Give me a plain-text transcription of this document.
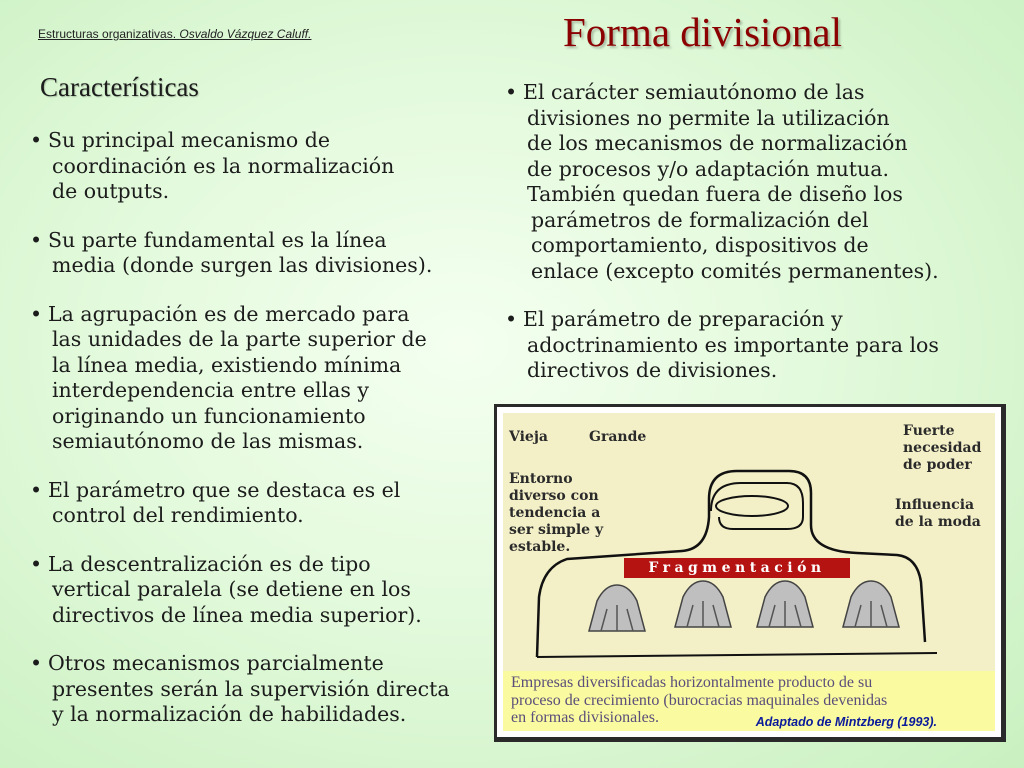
Estructuras organizativas. Osvaldo Vázquez Caluff.	Forma divisional
Características
• Su principal mecanismo de
coordinación es la normalización
de outputs.
• Su parte fundamental es la línea
media (donde surgen las divisiones).
• La agrupación es de mercado para
las unidades de la parte superior de
la línea media, existiendo mínima
interdependencia entre ellas y
originando un funcionamiento
semiautónomo de las mismas.
• El parámetro que se destaca es el
control del rendimiento.
• La descentralización es de tipo
vertical paralela (se detiene en los
directivos de línea media superior).
• Otros mecanismos parcialmente
presentes serán la supervisión directa
y la normalización de habilidades.
• El carácter semiautónomo de las
divisiones no permite la utilización
de los mecanismos de normalización
de procesos y/o adaptación mutua.
También quedan fuera de diseño los
parámetros de formalización del
comportamiento, dispositivos de
enlace (excepto comités permanentes).
• El parámetro de preparación y
adoctrinamiento es importante para los
directivos de divisiones.
Vieja	Grande	Fuerte
necesidad
de poder
Entorno
diverso con
tendencia a
ser simple y
estable.
Influencia
de la moda
Fragmentación
Empresas diversificadas horizontalmente producto de su
proceso de crecimiento (burocracias maquinales devenidas
en formas divisionales.	Adaptado de Mintzberg (1993).
